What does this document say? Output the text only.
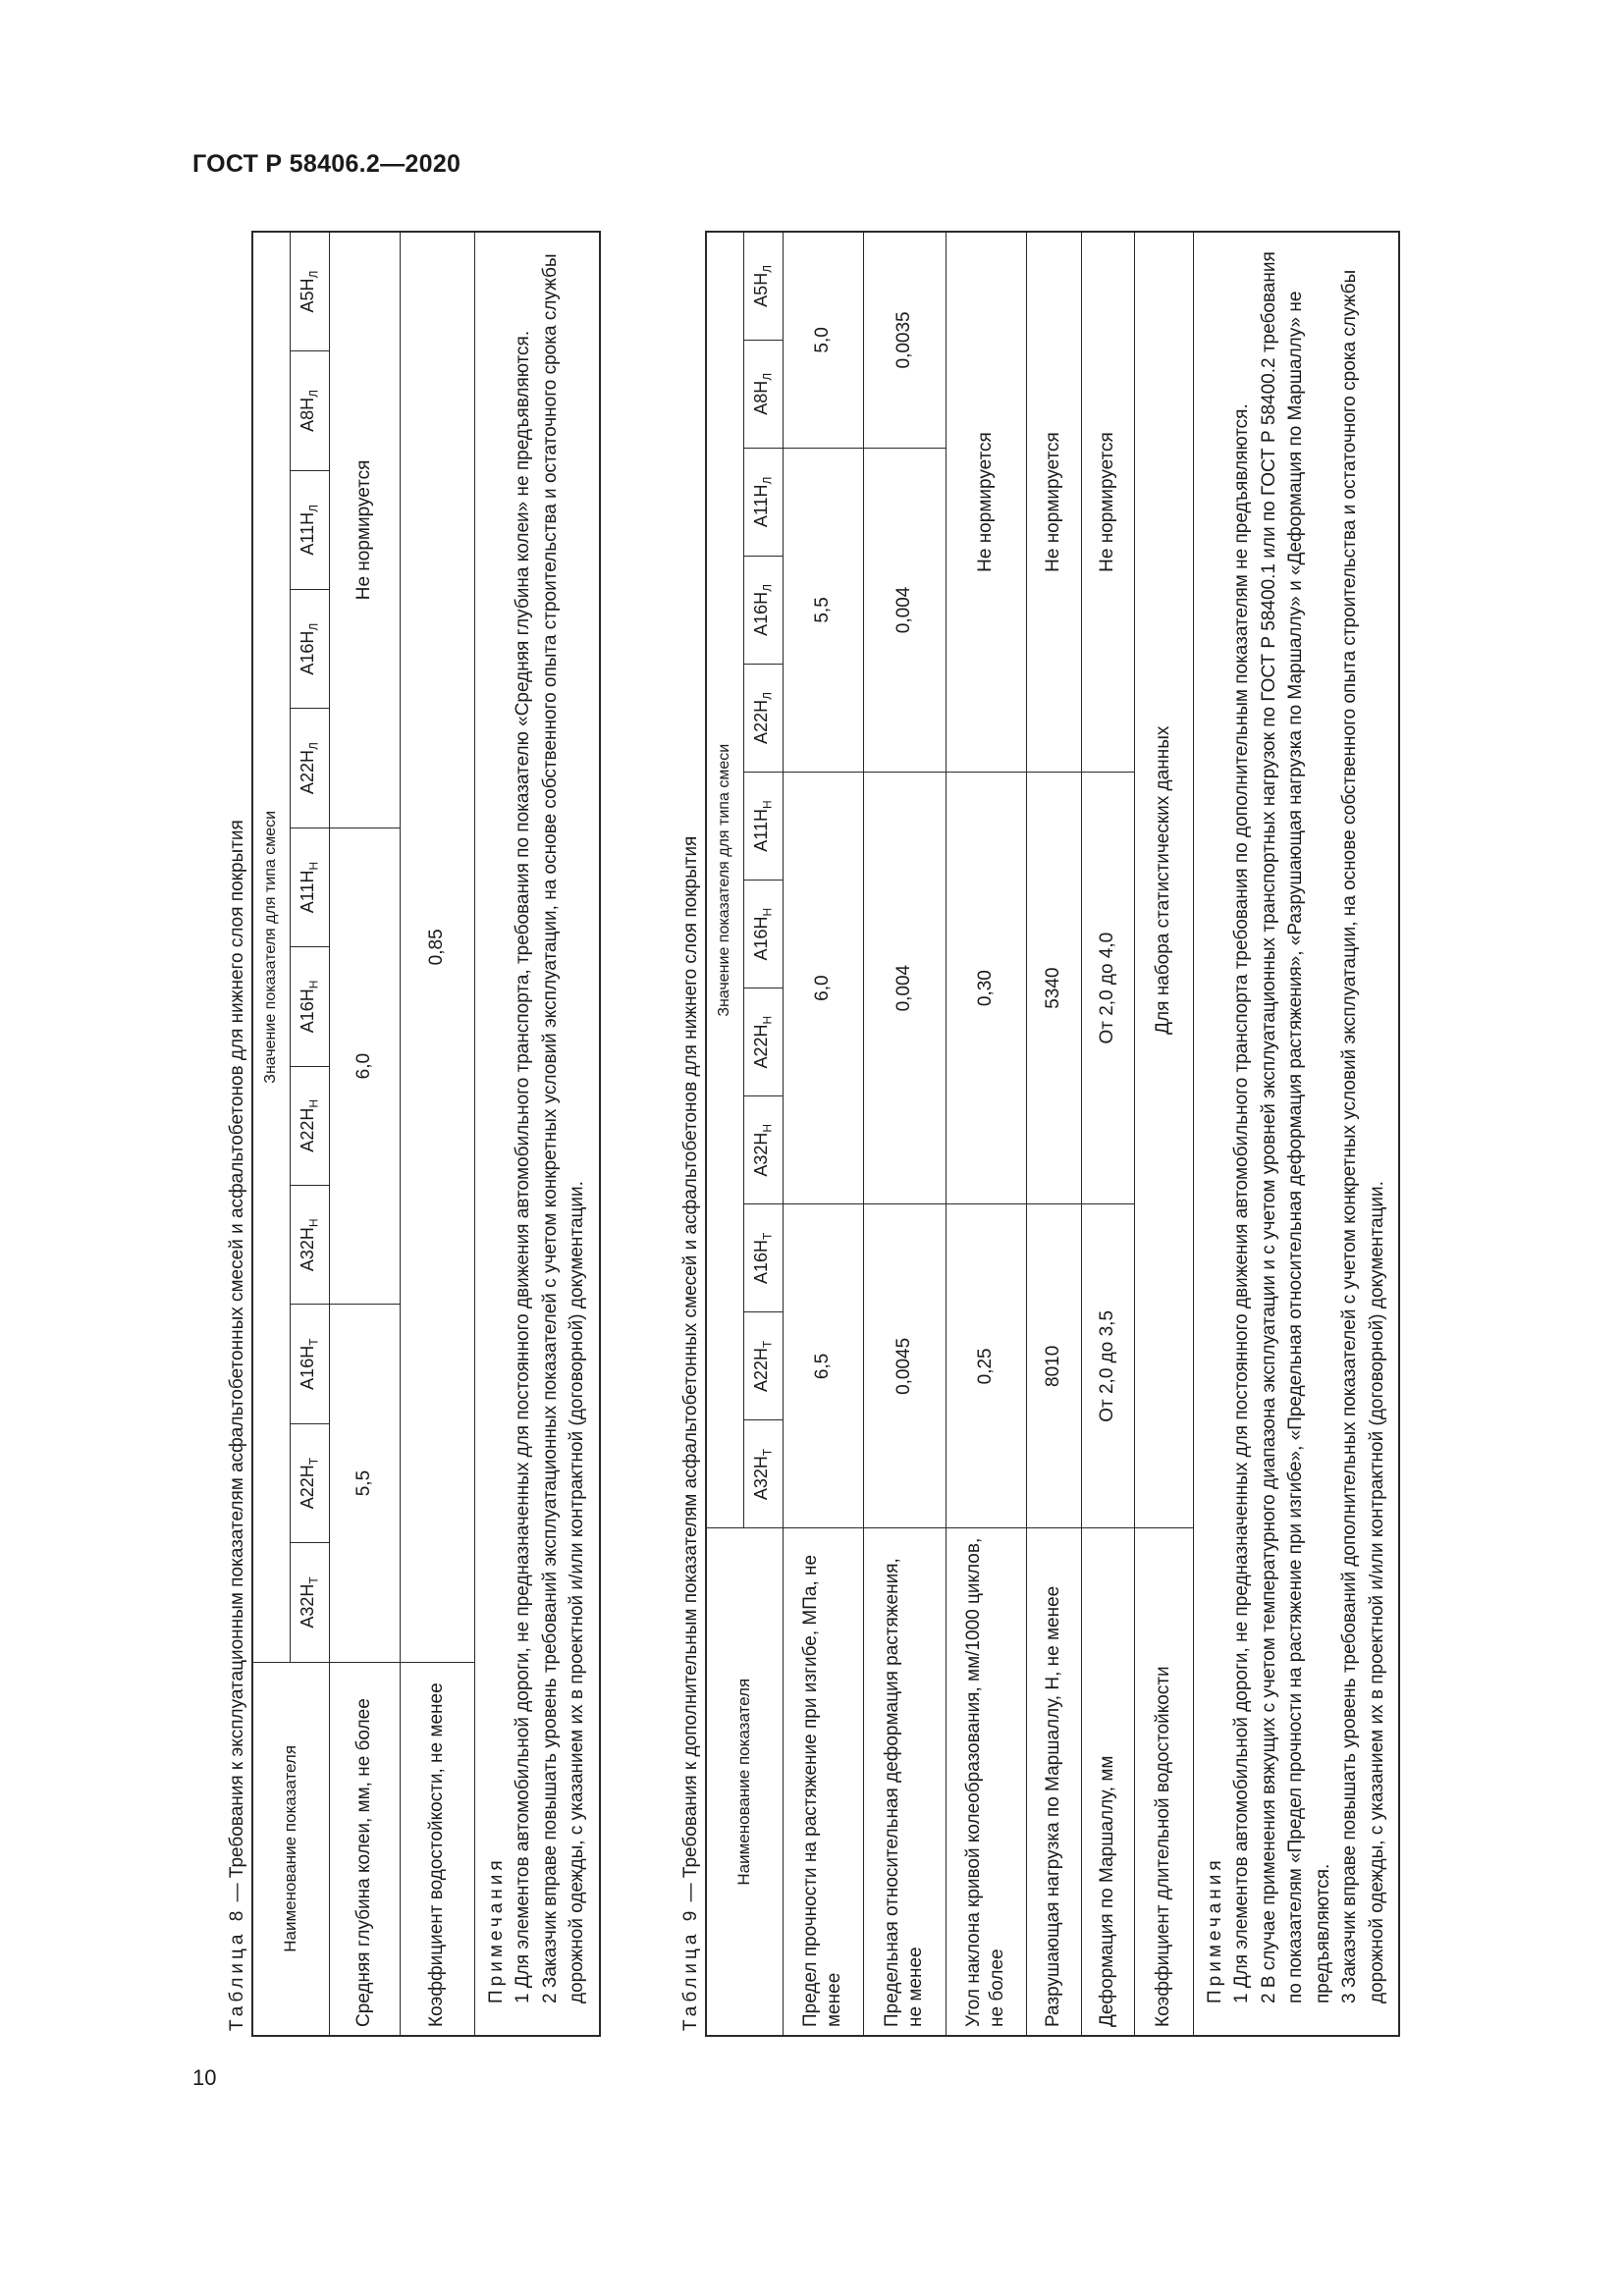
ГОСТ Р 58406.2—2020
10
Таблица 8 — Требования к эксплуатационным показателям асфальтобетонных смесей и асфальтобетонов для нижнего слоя покрытия Наименование показателя	Значение показателя для типа смеси											
	$А32Н_Т$	$А22Н_Т$	$А16Н_Т$	$А32Н_Н$	$А22Н_Н$	$А16Н_Н$	$А11Н_Н$	$А22Н_Л$	$А16Н_Л$	$А11Н_Л$	$А8Н_Л$	$А5Н_Л$
Средняя глубина колеи, мм, не более	5,5			6,0				Не нормируется				
Коэффициент водостойкости, не менее	0,85											

Примечания 1 Для элементов автомобильной дороги, не предназначенных для постоянного движения автомобильного транспорта, требования по показателю «Средняя глубина колеи» не предъявляются. 2 Заказчик вправе повышать уровень требований эксплуатационных показателей с учетом конкретных условий эксплуатации, на основе собственного опыта строительства и остаточного срока службы дорожной одежды, с указанием их в проектной и/или контрактной (договорной) документации.													Таблица 9 — Требования к дополнительным показателям асфальтобетонных смесей и асфальтобетонов для нижнего слоя покрытия Наименование показателя	Значение показателя для типа смеси											
	$А32Н_Т$	$А22Н_Т$	$А16Н_Т$	$А32Н_Н$	$А22Н_Н$	$А16Н_Н$	$А11Н_Н$	$А22Н_Л$	$А16Н_Л$	$А11Н_Л$	$А8Н_Л$	$А5Н_Л$
Предел прочности на растяжение при изгибе, МПа, не менее	6,5			6,0				5,5			5,0	
Предельная относительная деформация растяжения, не менее	0,0045			0,004				0,004			0,0035	
Угол наклона кривой колеобразования, мм/1000 циклов, не более	0,25			0,30				Не нормируется				
Разрушающая нагрузка по Маршаллу, Н, не менее	8010			5340				Не нормируется				
Деформация по Маршаллу, мм	От 2,0 до 3,5			От 2,0 до 4,0				Не нормируется				
Коэффициент длительной водостойкости	Для набора статистических данных											

Примечания 1 Для элементов автомобильной дороги, не предназначенных для постоянного движения автомобильного транспорта требования по дополнительным показателям не предъявляются. 2 В случае применения вяжущих с учетом температурного диапазона эксплуатации и с учетом уровней эксплуатационных транспортных нагрузок по ГОСТ Р 58400.1 или по ГОСТ Р 58400.2 требования по показателям «Предел прочности на растяжение при изгибе», «Предельная относительная деформация растяжения», «Разрушающая нагрузка по Маршаллу» и «Деформация по Маршаллу» не предъявляются. 3 Заказчик вправе повышать уровень требований дополнительных показателей с учетом конкретных условий эксплуатации, на основе собственного опыта строительства и остаточного срока службы дорожной одежды, с указанием их в проектной и/или контрактной (договорной) документации.												
